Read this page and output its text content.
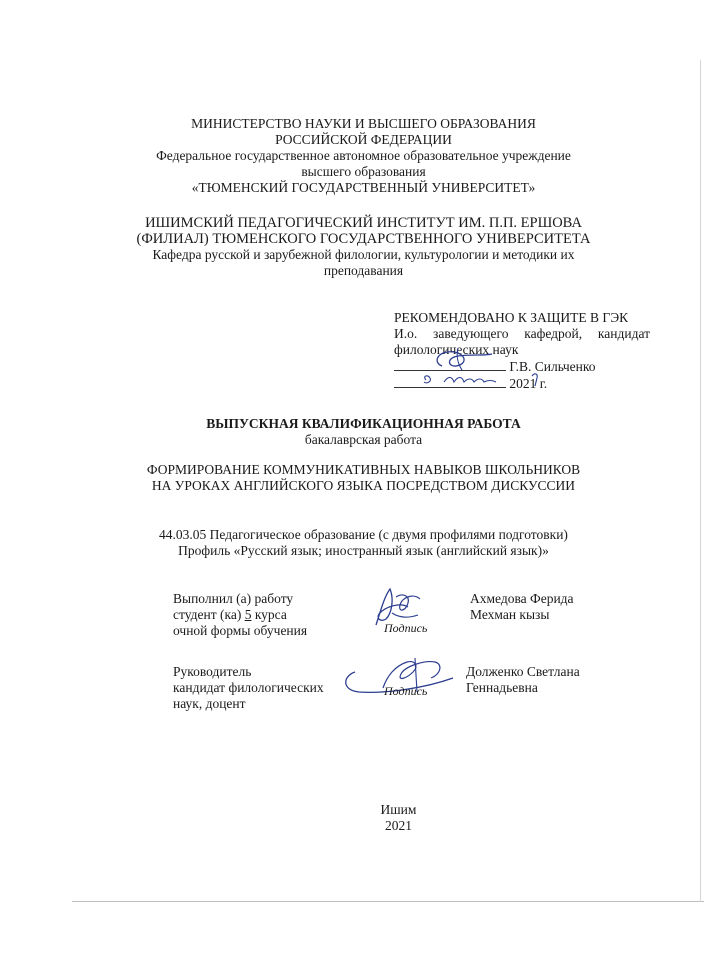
МИНИСТЕРСТВО НАУКИ И ВЫСШЕГО ОБРАЗОВАНИЯ
РОССИЙСКОЙ ФЕДЕРАЦИИ
Федеральное государственное автономное образовательное учреждение
высшего образования
«ТЮМЕНСКИЙ ГОСУДАРСТВЕННЫЙ УНИВЕРСИТЕТ»
ИШИМСКИЙ ПЕДАГОГИЧЕСКИЙ ИНСТИТУТ ИМ. П.П. ЕРШОВА
(ФИЛИАЛ) ТЮМЕНСКОГО ГОСУДАРСТВЕННОГО УНИВЕРСИТЕТА
Кафедра русской и зарубежной филологии, культурологии и методики их
преподавания
РЕКОМЕНДОВАНО К ЗАЩИТЕ В ГЭК
И.о. заведующего кафедрой, кандидат
филологических наук
Г.В. Сильченко
2021 г.
ВЫПУСКНАЯ КВАЛИФИКАЦИОННАЯ РАБОТА
бакалаврская работа
ФОРМИРОВАНИЕ КОММУНИКАТИВНЫХ НАВЫКОВ ШКОЛЬНИКОВ
НА УРОКАХ АНГЛИЙСКОГО ЯЗЫКА ПОСРЕДСТВОМ ДИСКУССИИ
44.03.05 Педагогическое образование (с двумя профилями подготовки)
Профиль «Русский язык; иностранный язык (английский язык)»
Выполнил (а) работу
студент (ка) 5 курса
очной формы обучения	Подпись
Ахмедова Ферида
Мехман кызы
Руководитель
кандидат филологических
наук, доцент
Подпись
Долженко Светлана
Геннадьевна
Ишим
2021
